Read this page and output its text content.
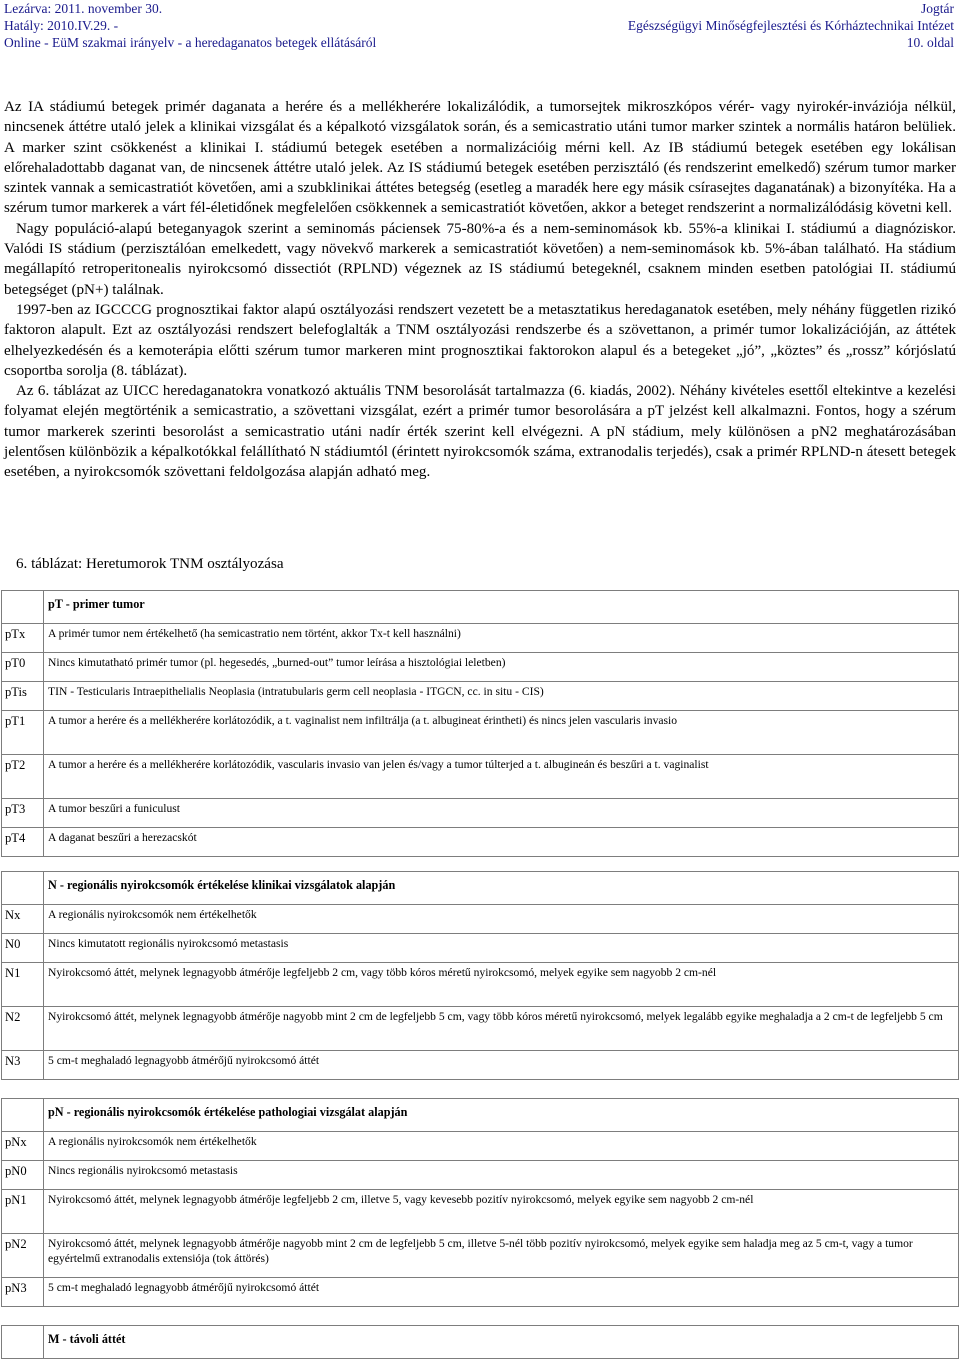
Lezárva: 2011. november 30.
Hatály: 2010.IV.29. -
Online - EüM szakmai irányelv - a heredaganatos betegek ellátásáról
Jogtár
Egészségügyi Minőségfejlesztési és Kórháztechnikai Intézet
10. oldal

Az IA stádiumú betegek primér daganata a herére és a mellékherére lokalizálódik, a tumorsejtek mikroszkópos vérér- vagy nyirokér-inváziója nélkül, nincsenek áttétre utaló jelek a klinikai vizsgálat és a képalkotó vizsgálatok során, és a semicastratio utáni tumor marker szintek a normális határon belüliek. A marker szint csökkenést a klinikai I. stádiumú betegek esetében a normalizációig mérni kell. Az IB stádiumú betegek esetében egy lokálisan előrehaladottabb daganat van, de nincsenek áttétre utaló jelek. Az IS stádiumú betegek esetében perzisztáló (és rendszerint emelkedő) szérum tumor marker szintek vannak a semicastratiót követően, ami a szubklinikai áttétes betegség (esetleg a maradék here egy másik csírasejtes daganatának) a bizonyítéka. Ha a szérum tumor markerek a várt fél-életidőnek megfelelően csökkennek a semicastratiót követően, akkor a beteget rendszerint a normalizálódásig követni kell.

Nagy populáció-alapú beteganyagok szerint a seminomás páciensek 75-80%-a és a nem-seminomások kb. 55%-a klinikai I. stádiumú a diagnóziskor. Valódi IS stádium (perzisztálóan emelkedett, vagy növekvő markerek a semicastratiót követően) a nem-seminomások kb. 5%-ában található. Ha stádium megállapító retroperitonealis nyirokcsomó dissectiót (RPLND) végeznek az IS stádiumú betegeknél, csaknem minden esetben patológiai II. stádiumú betegséget (pN+) találnak.

1997-ben az IGCCCG prognosztikai faktor alapú osztályozási rendszert vezetett be a metasztatikus heredaganatok esetében, mely néhány független rizikó faktoron alapult. Ezt az osztályozási rendszert belefoglalták a TNM osztályozási rendszerbe és a szövettanon, a primér tumor lokalizációján, az áttétek elhelyezkedésén és a kemoterápia előtti szérum tumor markeren mint prognosztikai faktorokon alapul és a betegeket „jó”, „köztes” és „rossz” kórjóslatú csoportba sorolja (8. táblázat).

Az 6. táblázat az UICC heredaganatokra vonatkozó aktuális TNM besorolását tartalmazza (6. kiadás, 2002). Néhány kivételes esettől eltekintve a kezelési folyamat elején megtörténik a semicastratio, a szövettani vizsgálat, ezért a primér tumor besorolására a pT jelzést kell alkalmazni. Fontos, hogy a szérum tumor markerek szerinti besorolást a semicastratio utáni nadír érték szerint kell elvégezni. A pN stádium, mely különösen a pN2 meghatározásában jelentősen különbözik a képalkotókkal felállítható N stádiumtól (érintett nyirokcsomók száma, extranodalis terjedés), csak a primér RPLND-n átesett betegek esetében, a nyirokcsomók szövettani feldolgozása alapján adható meg.

6. táblázat: Heretumorok TNM osztályozása
	pT - primer tumor
pTx	A primér tumor nem értékelhető (ha semicastratio nem történt, akkor Tx-t kell használni)
pT0	Nincs kimutatható primér tumor (pl. hegesedés, „burned-out” tumor leírása a hisztológiai leletben)
pTis	TIN - Testicularis Intraepithelialis Neoplasia (intratubularis germ cell neoplasia - ITGCN, cc. in situ - CIS)
pT1	A tumor a herére és a mellékherére korlátozódik, a t. vaginalist nem infiltrálja (a t. albugineat érintheti) és nincs jelen vascularis invasio
pT2	A tumor a herére és a mellékherére korlátozódik, vascularis invasio van jelen és/vagy a tumor túlterjed a t. albugineán és beszűri a t. vaginalist
pT3	A tumor beszűri a funiculust
pT4	A daganat beszűri a herezacskót
	N - regionális nyirokcsomók értékelése klinikai vizsgálatok alapján
Nx	A regionális nyirokcsomók nem értékelhetők
N0	Nincs kimutatott regionális nyirokcsomó metastasis
N1	Nyirokcsomó áttét, melynek legnagyobb átmérője legfeljebb 2 cm, vagy több kóros méretű nyirokcsomó, melyek egyike sem nagyobb 2 cm-nél
N2	Nyirokcsomó áttét, melynek legnagyobb átmérője nagyobb mint 2 cm de legfeljebb 5 cm, vagy több kóros méretű nyirokcsomó, melyek legalább egyike meghaladja a 2 cm-t de legfeljebb 5 cm
N3	5 cm-t meghaladó legnagyobb átmérőjű nyirokcsomó áttét
	pN - regionális nyirokcsomók értékelése pathologiai vizsgálat alapján
pNx	A regionális nyirokcsomók nem értékelhetők
pN0	Nincs regionális nyirokcsomó metastasis
pN1	Nyirokcsomó áttét, melynek legnagyobb átmérője legfeljebb 2 cm, illetve 5, vagy kevesebb pozitív nyirokcsomó, melyek egyike sem nagyobb 2 cm-nél
pN2	Nyirokcsomó áttét, melynek legnagyobb átmérője nagyobb mint 2 cm de legfeljebb 5 cm, illetve 5-nél több pozitív nyirokcsomó, melyek egyike sem haladja meg az 5 cm-t, vagy a tumor egyértelmű extranodalis extensiója (tok áttörés)
pN3	5 cm-t meghaladó legnagyobb átmérőjű nyirokcsomó áttét
	M - távoli áttét
